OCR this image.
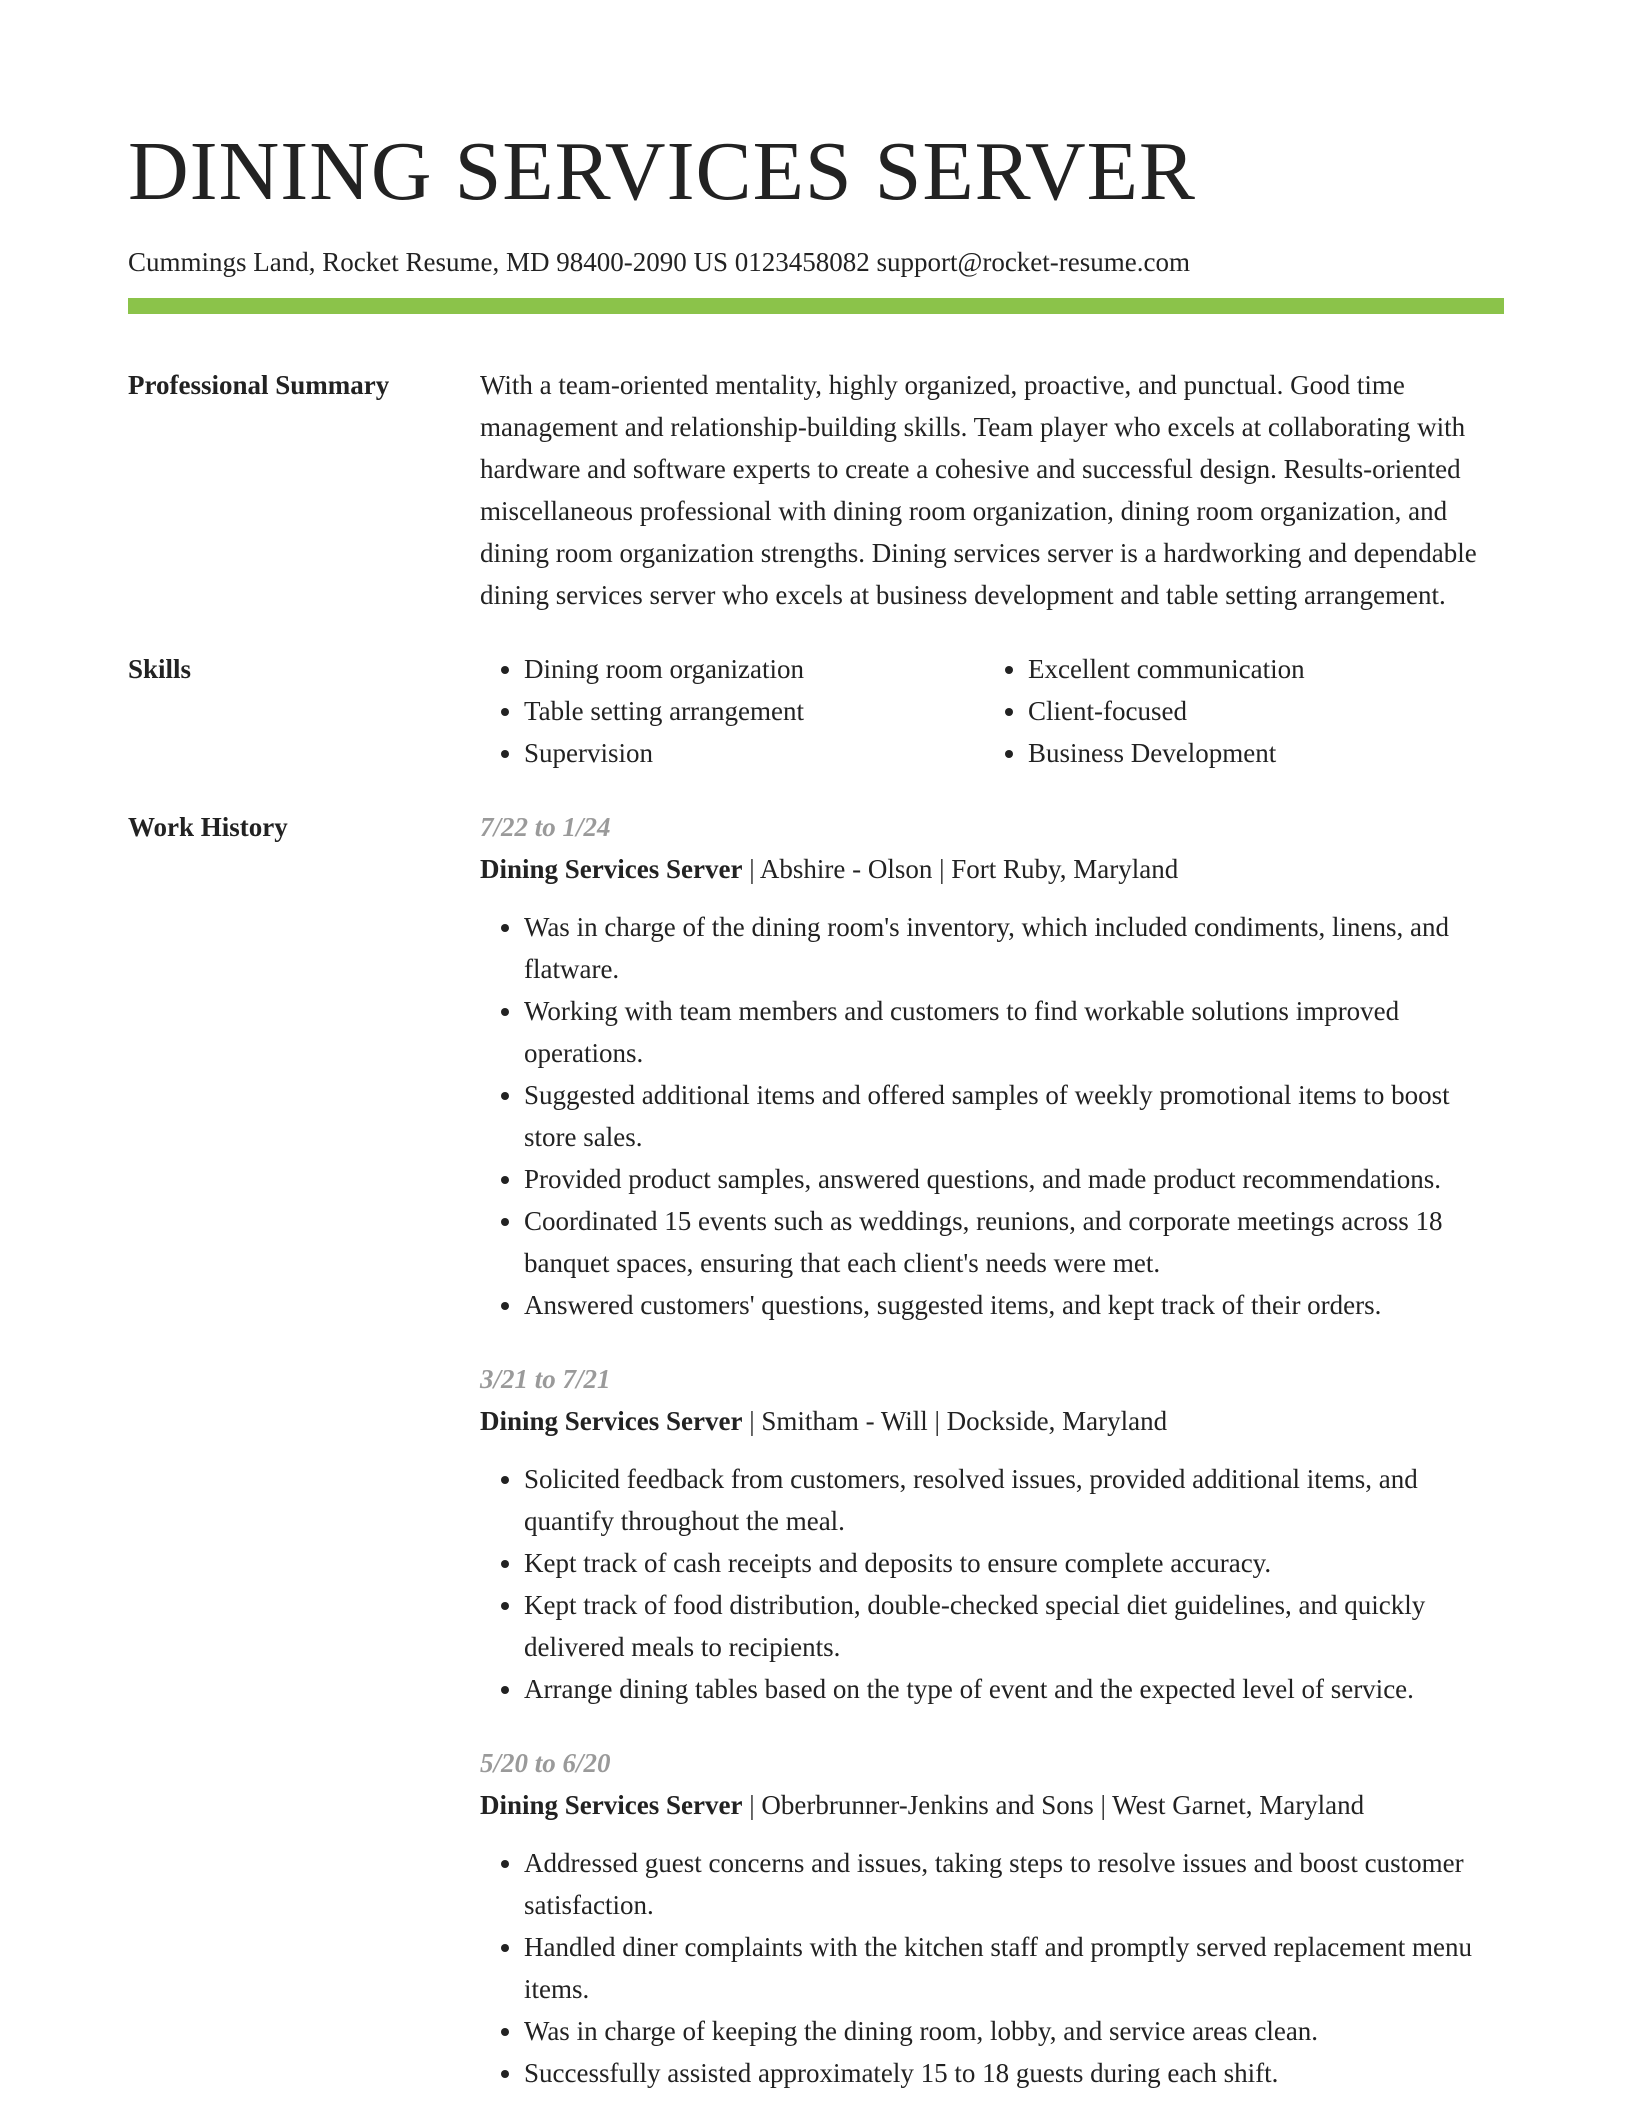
DINING SERVICES SERVER
Cummings Land, Rocket Resume, MD 98400-2090 US 0123458082 support@rocket-resume.com
Professional Summary	With a team-oriented mentality, highly organized, proactive, and punctual. Good time management and relationship-building skills. Team player who excels at collaborating with hardware and software experts to create a cohesive and successful design. Results-oriented miscellaneous professional with dining room organization, dining room organization, and dining room organization strengths. Dining services server is a hardworking and dependable dining services server who excels at business development and table setting arrangement.

Skills
•	Dining room organization
• Table setting arrangement
• Supervision
• Excellent communication
• Client-focused
• Business Development
Work History	7/22 to 1/24
Dining Services Server | Abshire - Olson | Fort Ruby, Maryland
• Was in charge of the dining room's inventory, which included condiments, linens, and flatware.
• Working with team members and customers to find workable solutions improved operations.
• Suggested additional items and offered samples of weekly promotional items to boost store sales.
• Provided product samples, answered questions, and made product recommendations.
• Coordinated 15 events such as weddings, reunions, and corporate meetings across 18 banquet spaces, ensuring that each client's needs were met.
• Answered customers' questions, suggested items, and kept track of their orders.
3/21 to 7/21
Dining Services Server | Smitham - Will | Dockside, Maryland
• Solicited feedback from customers, resolved issues, provided additional items, and quantify throughout the meal.
• Kept track of cash receipts and deposits to ensure complete accuracy.
• Kept track of food distribution, double-checked special diet guidelines, and quickly delivered meals to recipients.
• Arrange dining tables based on the type of event and the expected level of service.
5/20 to 6/20
Dining Services Server | Oberbrunner-Jenkins and Sons | West Garnet, Maryland
• Addressed guest concerns and issues, taking steps to resolve issues and boost customer satisfaction.
• Handled diner complaints with the kitchen staff and promptly served replacement menu items.
• Was in charge of keeping the dining room, lobby, and service areas clean.
• Successfully assisted approximately 15 to 18 guests during each shift.
